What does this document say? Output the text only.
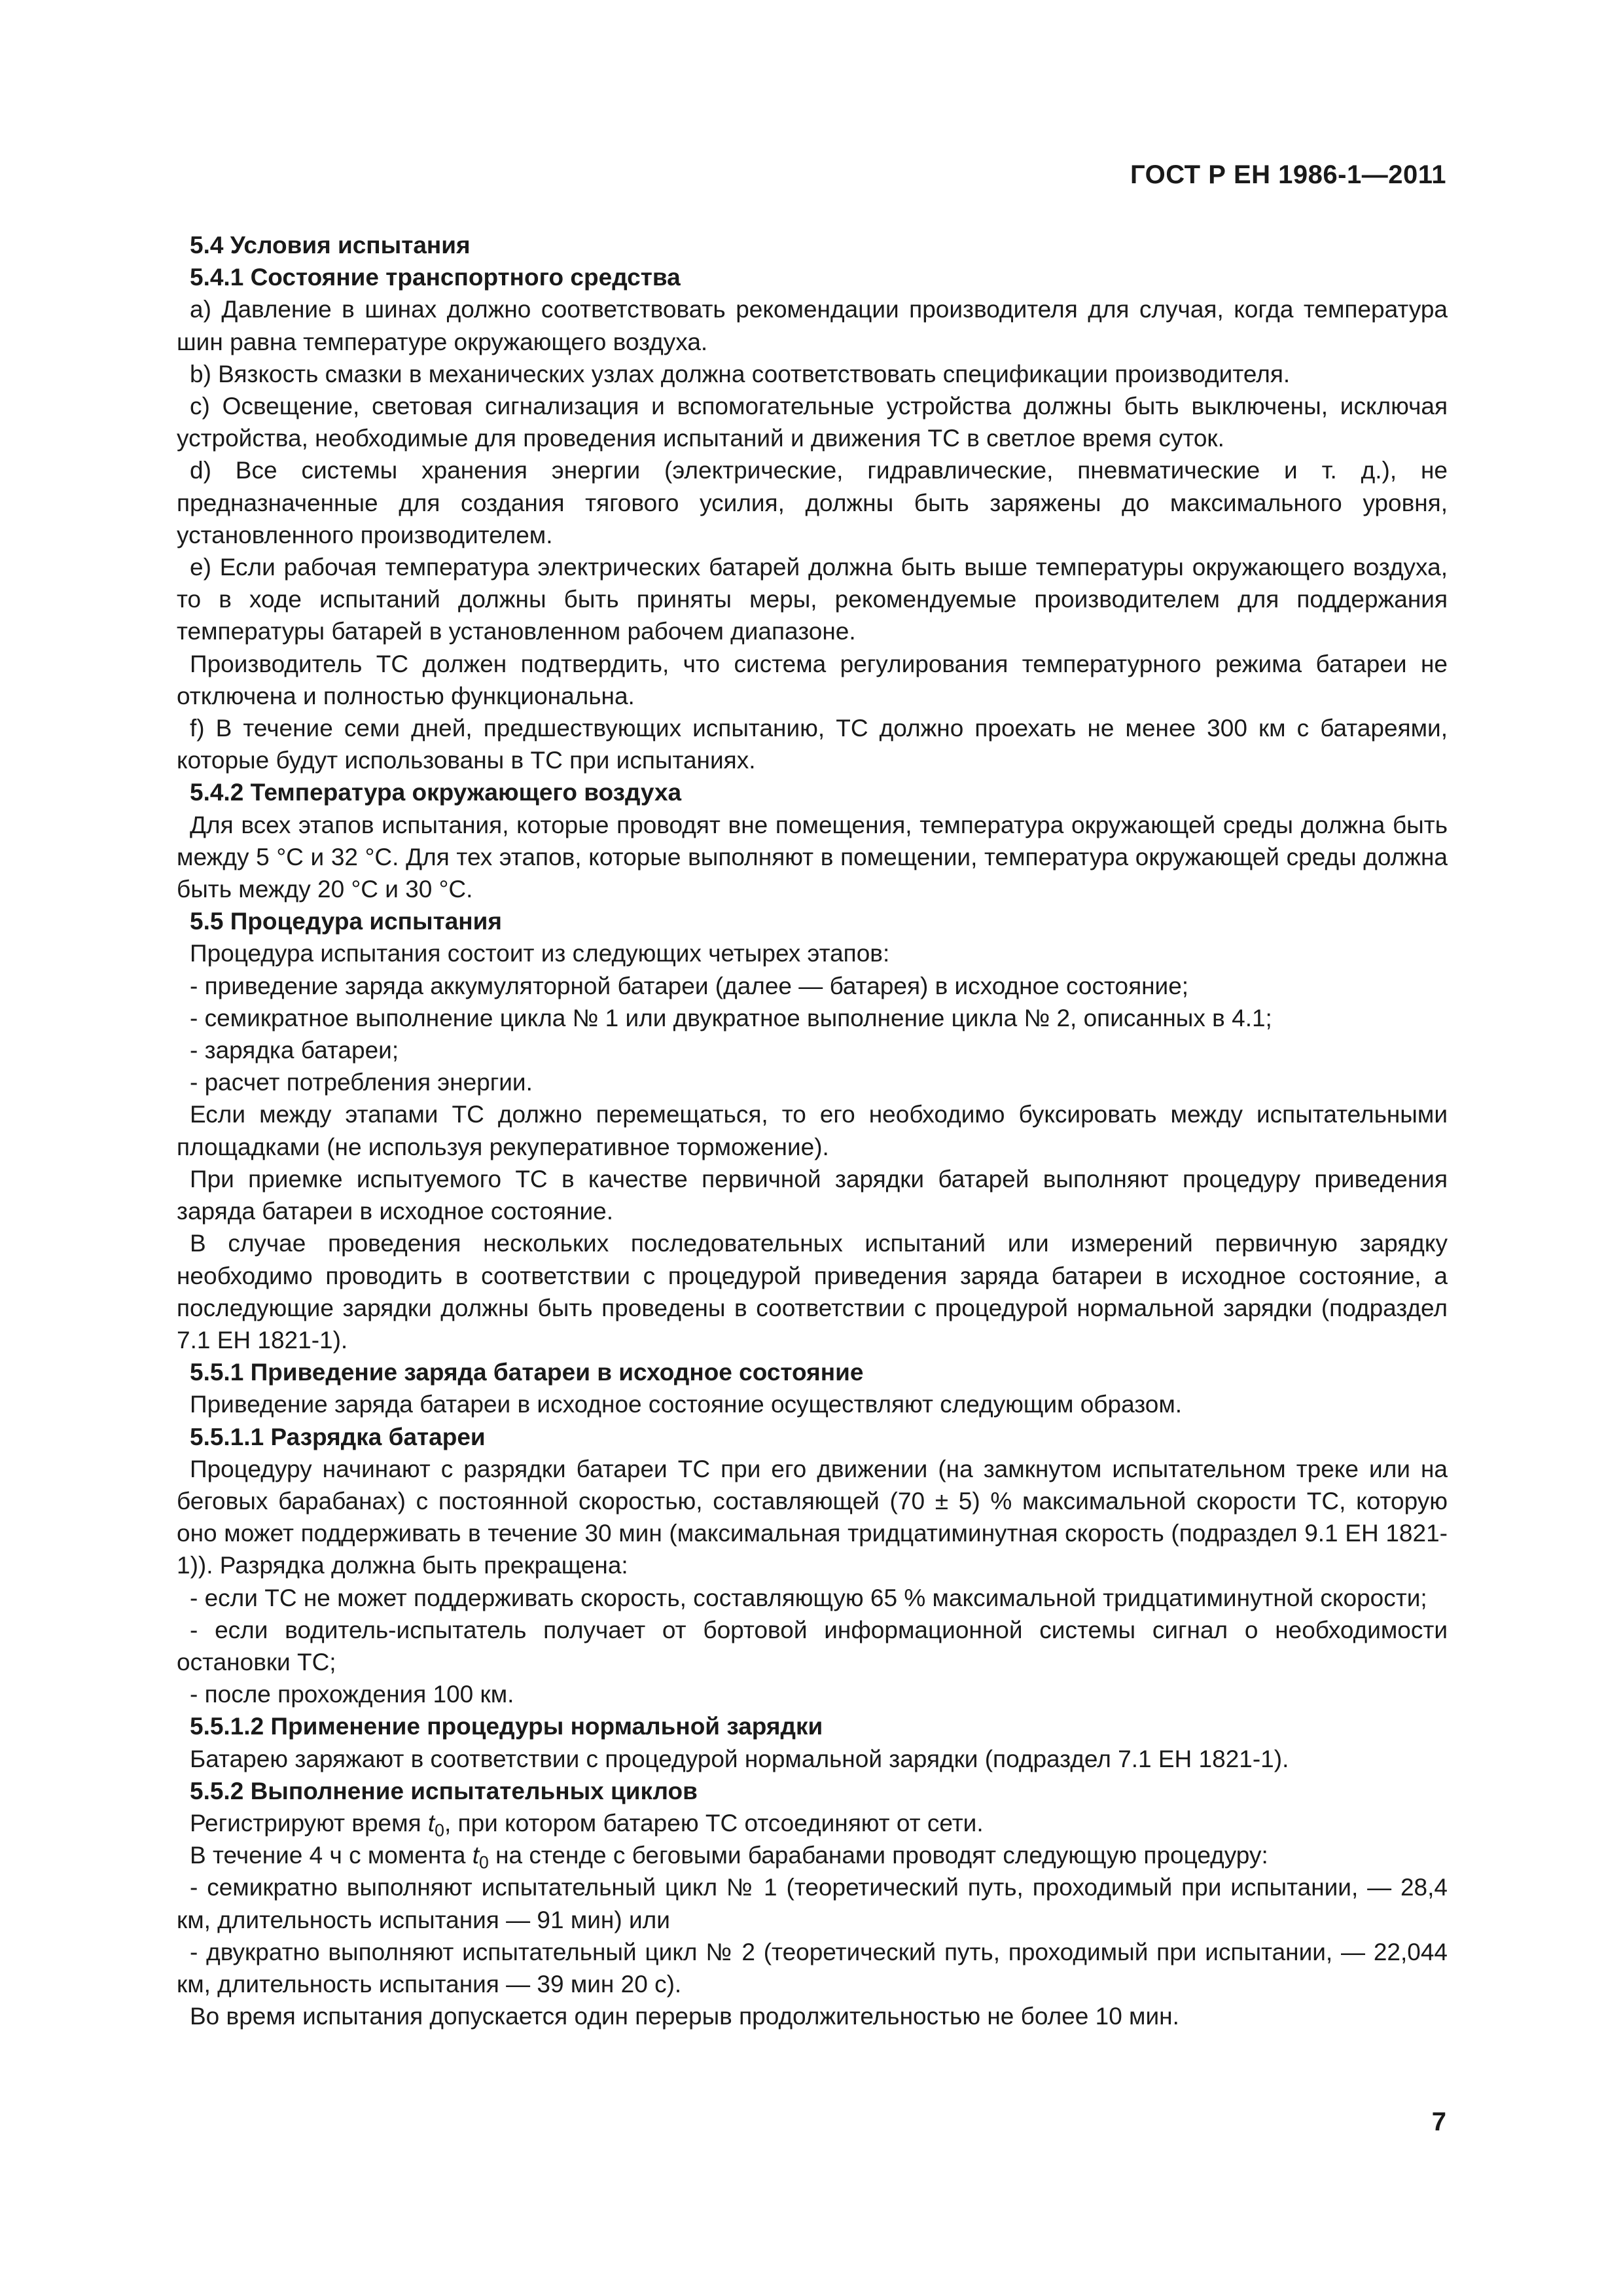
ГОСТ Р ЕН 1986-1—2011

5.4 Условия испытания

5.4.1 Состояние транспортного средства

а) Давление в шинах должно соответствовать рекомендации производителя для случая, когда температура шин равна температуре окружающего воздуха.

b) Вязкость смазки в механических узлах должна соответствовать спецификации производителя.

с) Освещение, световая сигнализация и вспомогательные устройства должны быть выключены, исключая устройства, необходимые для проведения испытаний и движения ТС в светлое время суток.

d) Все системы хранения энергии (электрические, гидравлические, пневматические и т. д.), не предназначенные для создания тягового усилия, должны быть заряжены до максимального уровня, установленного производителем.

е) Если рабочая температура электрических батарей должна быть выше температуры окружающего воздуха, то в ходе испытаний должны быть приняты меры, рекомендуемые производителем для поддержания температуры батарей в установленном рабочем диапазоне.

Производитель ТС должен подтвердить, что система регулирования температурного режима батареи не отключена и полностью функциональна.

f) В течение семи дней, предшествующих испытанию, ТС должно проехать не менее 300 км с батареями, которые будут использованы в ТС при испытаниях.

5.4.2 Температура окружающего воздуха

Для всех этапов испытания, которые проводят вне помещения, температура окружающей среды должна быть между 5 °С и 32 °С. Для тех этапов, которые выполняют в помещении, температура окружающей среды должна быть между 20 °С и 30 °С.

5.5 Процедура испытания

Процедура испытания состоит из следующих четырех этапов:

- приведение заряда аккумуляторной батареи (далее — батарея) в исходное состояние;

- семикратное выполнение цикла № 1 или двукратное выполнение цикла № 2, описанных в 4.1;

- зарядка батареи;

- расчет потребления энергии.

Если между этапами ТС должно перемещаться, то его необходимо буксировать между испытательными площадками (не используя рекуперативное торможение).

При приемке испытуемого ТС в качестве первичной зарядки батарей выполняют процедуру приведения заряда батареи в исходное состояние.

В случае проведения нескольких последовательных испытаний или измерений первичную зарядку необходимо проводить в соответствии с процедурой приведения заряда батареи в исходное состояние, а последующие зарядки должны быть проведены в соответствии с процедурой нормальной зарядки (подраздел 7.1 ЕН 1821-1).

5.5.1 Приведение заряда батареи в исходное состояние

Приведение заряда батареи в исходное состояние осуществляют следующим образом.

5.5.1.1 Разрядка батареи

Процедуру начинают с разрядки батареи ТС при его движении (на замкнутом испытательном треке или на беговых барабанах) с постоянной скоростью, составляющей (70 ± 5) % максимальной скорости ТС, которую оно может поддерживать в течение 30 мин (максимальная тридцатиминутная скорость (подраздел 9.1 ЕН 1821-1)). Разрядка должна быть прекращена:

- если ТС не может поддерживать скорость, составляющую 65 % максимальной тридцатиминутной скорости;

- если водитель-испытатель получает от бортовой информационной системы сигнал о необходимости остановки ТС;

- после прохождения 100 км.

5.5.1.2 Применение процедуры нормальной зарядки

Батарею заряжают в соответствии с процедурой нормальной зарядки (подраздел 7.1 ЕН 1821-1).

5.5.2 Выполнение испытательных циклов

Регистрируют время $t_0$, при котором батарею ТС отсоединяют от сети.

В течение 4 ч с момента $t_0$ на стенде с беговыми барабанами проводят следующую процедуру:

- семикратно выполняют испытательный цикл № 1 (теоретический путь, проходимый при испытании, — 28,4 км, длительность испытания — 91 мин) или

- двукратно выполняют испытательный цикл № 2 (теоретический путь, проходимый при испытании, — 22,044 км, длительность испытания — 39 мин 20 с).

Во время испытания допускается один перерыв продолжительностью не более 10 мин.

7
